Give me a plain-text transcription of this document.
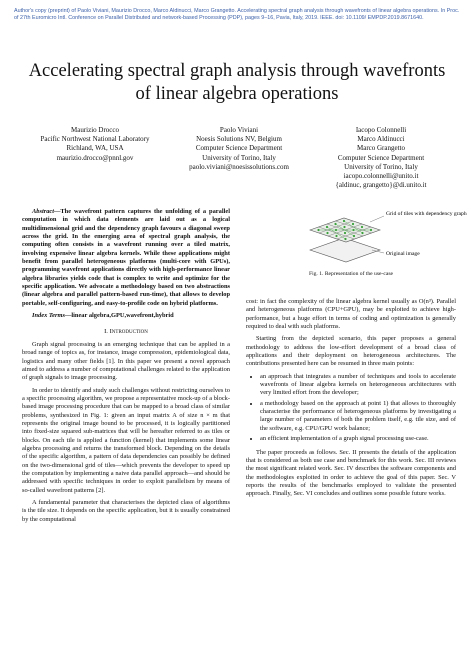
Author's copy (preprint) of Paolo Viviani, Maurizio Drocco, Marco Aldinucci, Marco Grangetto. Accelerating spectral graph analysis through wavefronts of linear algebra operations. In Proc. of 27th Euromicro Intl. Conference on Parallel Distributed and network-based Processing (PDP), pages 9–16, Pavia, Italy, 2019. IEEE. doi: 10.1109/ EMPDP.2019.8671640.
Accelerating spectral graph analysis through wavefronts of linear algebra operations
Maurizio Drocco
Pacific Northwest National Laboratory
Richland, WA, USA
maurizio.drocco@pnnl.gov
Paolo Viviani
Noesis Solutions NV, Belgium
Computer Science Department
University of Torino, Italy
paolo.viviani@noesissolutions.com
Iacopo Colonnelli
Marco Aldinucci
Marco Grangetto
Computer Science Department
University of Torino, Italy
iacopo.colonnelli@unito.it
{aldinuc, grangetto}@di.unito.it

Abstract—The wavefront pattern captures the unfolding of a parallel computation in which data elements are laid out as a logical multidimensional grid and the dependency graph favours a diagonal sweep across the grid. In the emerging area of spectral graph analysis, the computing often consists in a wavefront running over a tiled matrix, involving expensive linear algebra kernels. While these applications might benefit from parallel heterogeneous platforms (multi-core with GPUs), programming wavefront applications directly with high-performance linear algebra libraries yields code that is complex to write and optimize for the specific application. We advocate a methodology based on two abstractions (linear algebra and parallel pattern-based run-time), that allows to develop portable, self-configuring, and easy-to-profile code on hybrid platforms.

Index Terms—linear algebra,GPU,wavefront,hybrid

I. Introduction

Graph signal processing is an emerging technique that can be applied in a broad range of topics as, for instance, image compression, epidemiological data, logistics and many other fields [1]. In this paper we present a novel approach aimed to address a number of computational challenges related to the application of graph signals to image processing.

In order to identify and study such challenges without restricting ourselves to a specific processing algorithm, we propose a representative mock-up of a block-based image processing procedure that can be mapped to a broad class of similar problems, synthesized in Fig. 1: given an input matrix A of size n × m that represents the original image bound to be processed, it is logically partitioned into fixed-size squared sub-matrices that will be hereafter referred to as tiles or blocks. On each tile is applied a function (kernel) that implements some linear algebra processing and returns the transformed block. Depending on the details of the specific algorithm, a pattern of data dependencies can possibly be defined on the two-dimensional grid of tiles—which prevents the developer to speed up the computation by implementing a naive data parallel approach—and should be addressed with specific techniques in order to exploit parallelism by means of so-called wavefront patterns [2].

A fundamental parameter that characterises the depicted class of algorithms is the tile size. It depends on the specific application, but it is usually constrained by the computational

Grid of tiles with dependency graph
Original image
Fig. 1. Representation of the use-case

cost: in fact the complexity of the linear algebra kernel usually as O(n³). Parallel and heterogeneous platforms (CPU+GPU), may be exploited to achieve high-performance, but a huge effort in terms of coding and optimization is generally required to deal with such platforms.

Starting from the depicted scenario, this paper proposes a general methodology to address the low-effort development of a broad class of applications and their deployment on heterogeneous architectures. The contributions presented here can be resumed in three main points:

• an approach that integrates a number of techniques and tools to accelerate wavefronts of linear algebra kernels on heterogeneous architectures with very limited effort from the developer;
• a methodology based on the approach at point 1) that allows to thoroughly characterise the performance of heterogeneous platforms by investigating a large number of parameters of both the problem itself, e.g. tile size, and of the software, e.g. CPU/GPU work balance;
• an efficient implementation of a graph signal processing use-case.

The paper proceeds as follows. Sec. II presents the details of the application that is considered as both use case and benchmark for this work. Sec. III reviews the most significant related work. Sec. IV describes the software components and the methodologies exploited in order to achieve the goal of this paper. Sec. V reports the results of the benchmarks employed to validate the presented approach. Finally, Sec. VI concludes and outlines some possible future works.
